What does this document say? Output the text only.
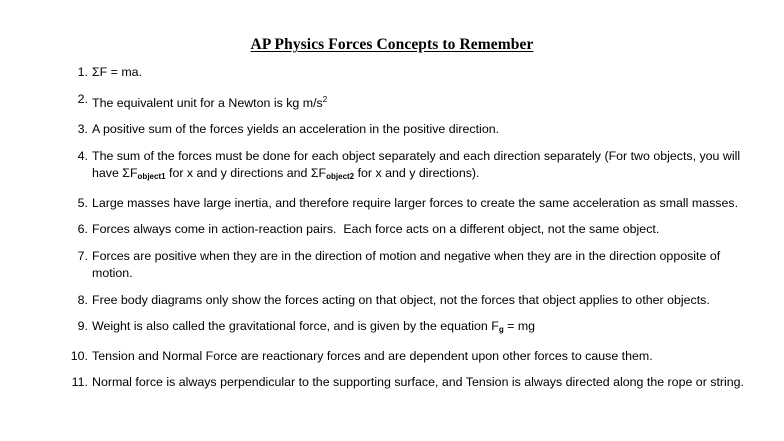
AP Physics Forces Concepts to Remember
1 . ΣF = ma.
2 . The equivalent unit for a Newton is kg $m/s^2$
3 . A positive sum of the forces yields an acceleration in the positive direction.
4 . The sum of the forces must be done for each object separately and each direction separately (For two objects, you will have $\Sigma F_{object1}$ for x and y directions and $\Sigma F_{object2}$ for x and y directions).
5 . Large masses have large inertia, and therefore require larger forces to create the same acceleration as small masses.
6 . Forces always come in action-reaction pairs.  Each force acts on a different object, not the same object.
7 . Forces are positive when they are in the direction of motion and negative when they are in the direction opposite of motion.
8 . Free body diagrams only show the forces acting on that object, not the forces that object applies to other objects.
9 . Weight is also called the gravitational force, and is given by the equation $F_g$ = mg
10 . Tension and Normal Force are reactionary forces and are dependent upon other forces to cause them.
11 . Normal force is always perpendicular to the supporting surface, and Tension is always directed along the rope or string.
